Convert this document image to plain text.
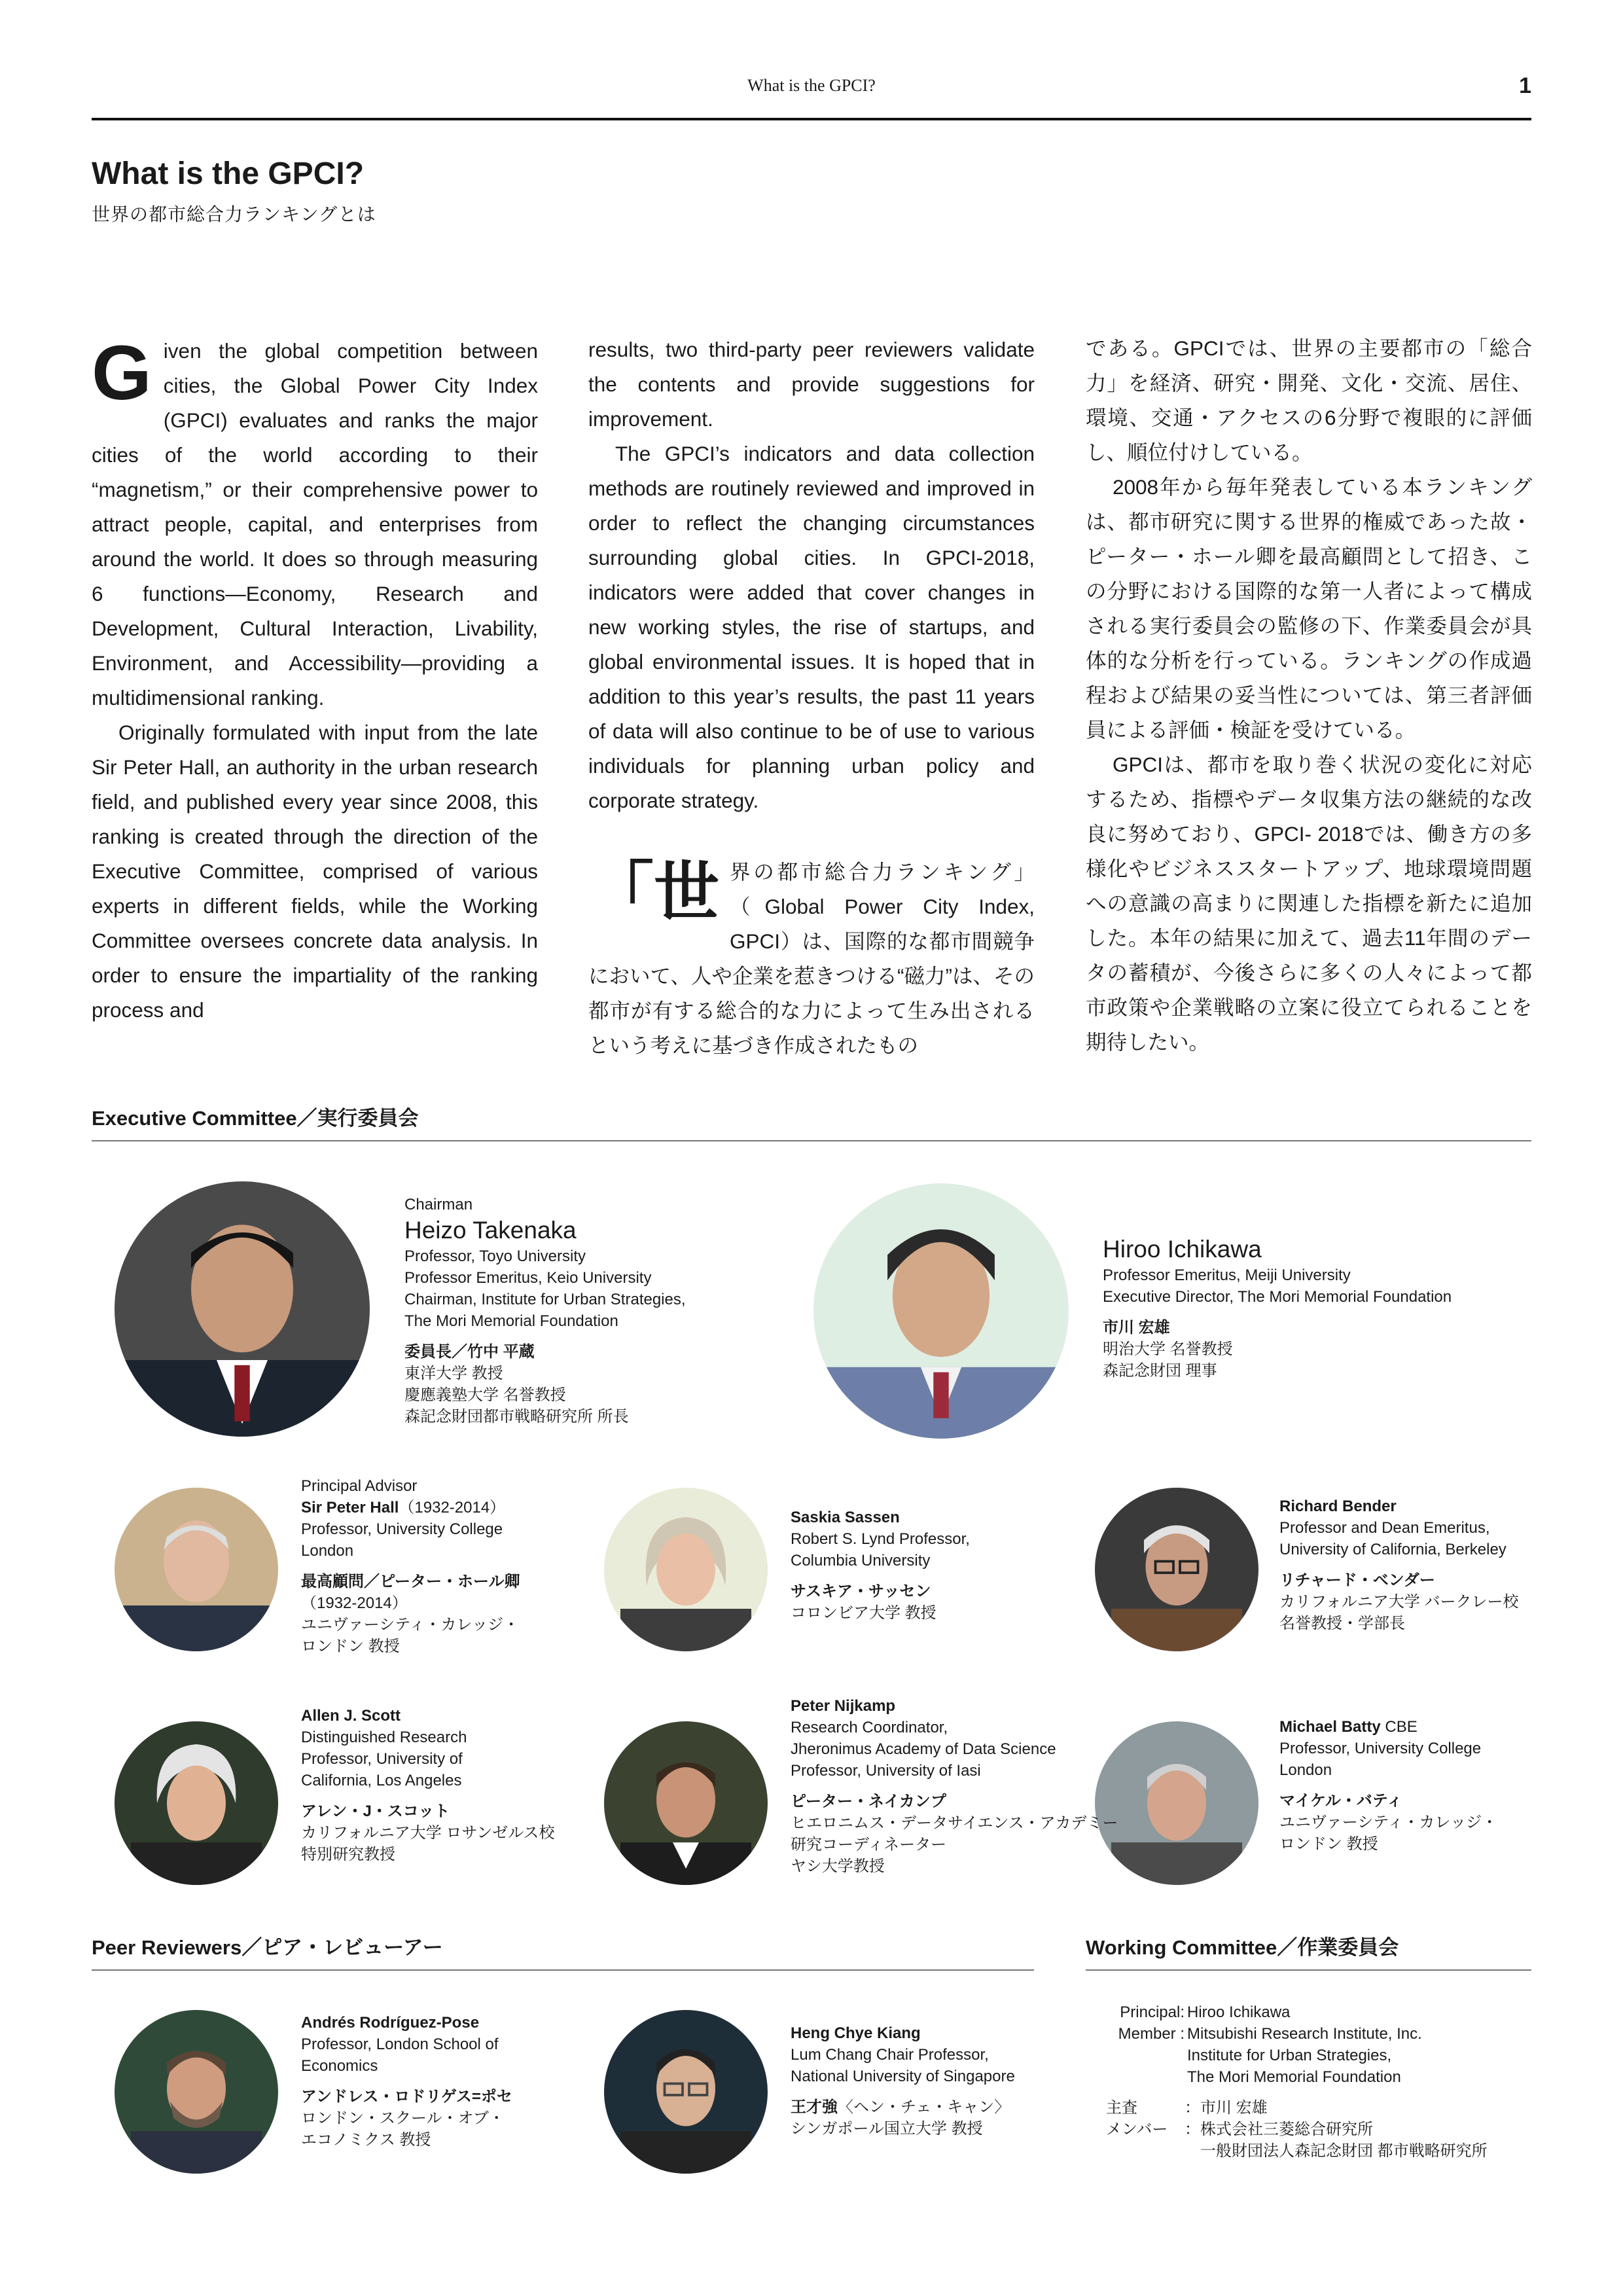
What is the GPCI?	1
What is the GPCI?
世界の都市総合力ランキングとは

Given the global competition between cities, the Global Power City Index (GPCI) evaluates and ranks the major cities of the world according to their “magnetism,” or their comprehensive power to attract people, capital, and enterprises from around the world. It does so through measuring 6 functions—Economy, Research and Development, Cultural Interaction, Livability, Environment, and Accessibility—providing a multidimensional ranking.

Originally formulated with input from the late Sir Peter Hall, an authority in the urban research field, and published every year since 2008, this ranking is created through the direction of the Executive Committee, comprised of various experts in different fields, while the Working Committee oversees concrete data analysis. In order to ensure the impartiality of the ranking process and

results, two third-party peer reviewers validate the contents and provide suggestions for improvement.

The GPCI’s indicators and data collection methods are routinely reviewed and improved in order to reflect the changing circumstances surrounding global cities. In GPCI-2018, indicators were added that cover changes in new working styles, the rise of startups, and global environmental issues. It is hoped that in addition to this year’s results, the past 11 years of data will also continue to be of use to various individuals for planning urban policy and corporate strategy.

「世界の都市総合力ランキング」（Global Power City Index, GPCI）は、国際的な都市間競争において、人や企業を惹きつける“磁力”は、その都市が有する総合的な力によって生み出されるという考えに基づき作成されたもの

である。GPCIでは、世界の主要都市の「総合力」を経済、研究・開発、文化・交流、居住、環境、交通・アクセスの6分野で複眼的に評価し、順位付けしている。

2008年から毎年発表している本ランキングは、都市研究に関する世界的権威であった故・ピーター・ホール卿を最高顧問として招き、この分野における国際的な第一人者によって構成される実行委員会の監修の下、作業委員会が具体的な分析を行っている。ランキングの作成過程および結果の妥当性については、第三者評価員による評価・検証を受けている。

GPCIは、都市を取り巻く状況の変化に対応するため、指標やデータ収集方法の継続的な改良に努めており、GPCI- 2018では、働き方の多様化やビジネススタートアップ、地球環境問題への意識の高まりに関連した指標を新たに追加した。本年の結果に加えて、過去11年間のデータの蓄積が、今後さらに多くの人々によって都市政策や企業戦略の立案に役立てられることを期待したい。

Executive Committee／実行委員会
Chairman
Heizo Takenaka
Professor, Toyo University
Professor Emeritus, Keio University
Chairman, Institute for Urban Strategies,
The Mori Memorial Foundation
委員長／竹中 平蔵
東洋大学 教授
慶應義塾大学 名誉教授
森記念財団都市戦略研究所 所長
Hiroo Ichikawa
Professor Emeritus, Meiji University
Executive Director, The Mori Memorial Foundation
市川 宏雄
明治大学 名誉教授
森記念財団 理事
Principal Advisor
Sir Peter Hall（1932-2014）
Professor, University College
London
最高顧問／ピーター・ホール卿
（1932-2014）
ユニヴァーシティ・カレッジ・
ロンドン 教授
Saskia Sassen
Robert S. Lynd Professor,
Columbia University
サスキア・サッセン
コロンビア大学 教授
Richard Bender
Professor and Dean Emeritus,
University of California, Berkeley
リチャード・ベンダー
カリフォルニア大学 バークレー校
名誉教授・学部長
Allen J. Scott
Distinguished Research
Professor, University of
California, Los Angeles
アレン・J・スコット
カリフォルニア大学 ロサンゼルス校
特別研究教授
Peter Nijkamp
Research Coordinator,
Jheronimus Academy of Data Science
Professor, University of Iasi
ピーター・ネイカンプ
ヒエロニムス・データサイエンス・アカデミー
研究コーディネーター
ヤシ大学教授
Michael Batty CBE
Professor, University College
London
マイケル・バティ
ユニヴァーシティ・カレッジ・
ロンドン 教授
Peer Reviewers／ピア・レビューアー	Working Committee／作業委員会
Andrés Rodríguez-Pose
Professor, London School of
Economics
アンドレス・ロドリゲス=ポセ
ロンドン・スクール・オブ・
エコノミクス 教授
Heng Chye Kiang
Lum Chang Chair Professor,
National University of Singapore
王才強〈ヘン・チェ・キャン〉
シンガポール国立大学 教授
Principal: Hiroo Ichikawa
Member : Mitsubishi Research Institute, Inc.
Institute for Urban Strategies,
The Mori Memorial Foundation
主査	：市川 宏雄
メンバー	：株式会社三菱総合研究所
一般財団法人森記念財団 都市戦略研究所
